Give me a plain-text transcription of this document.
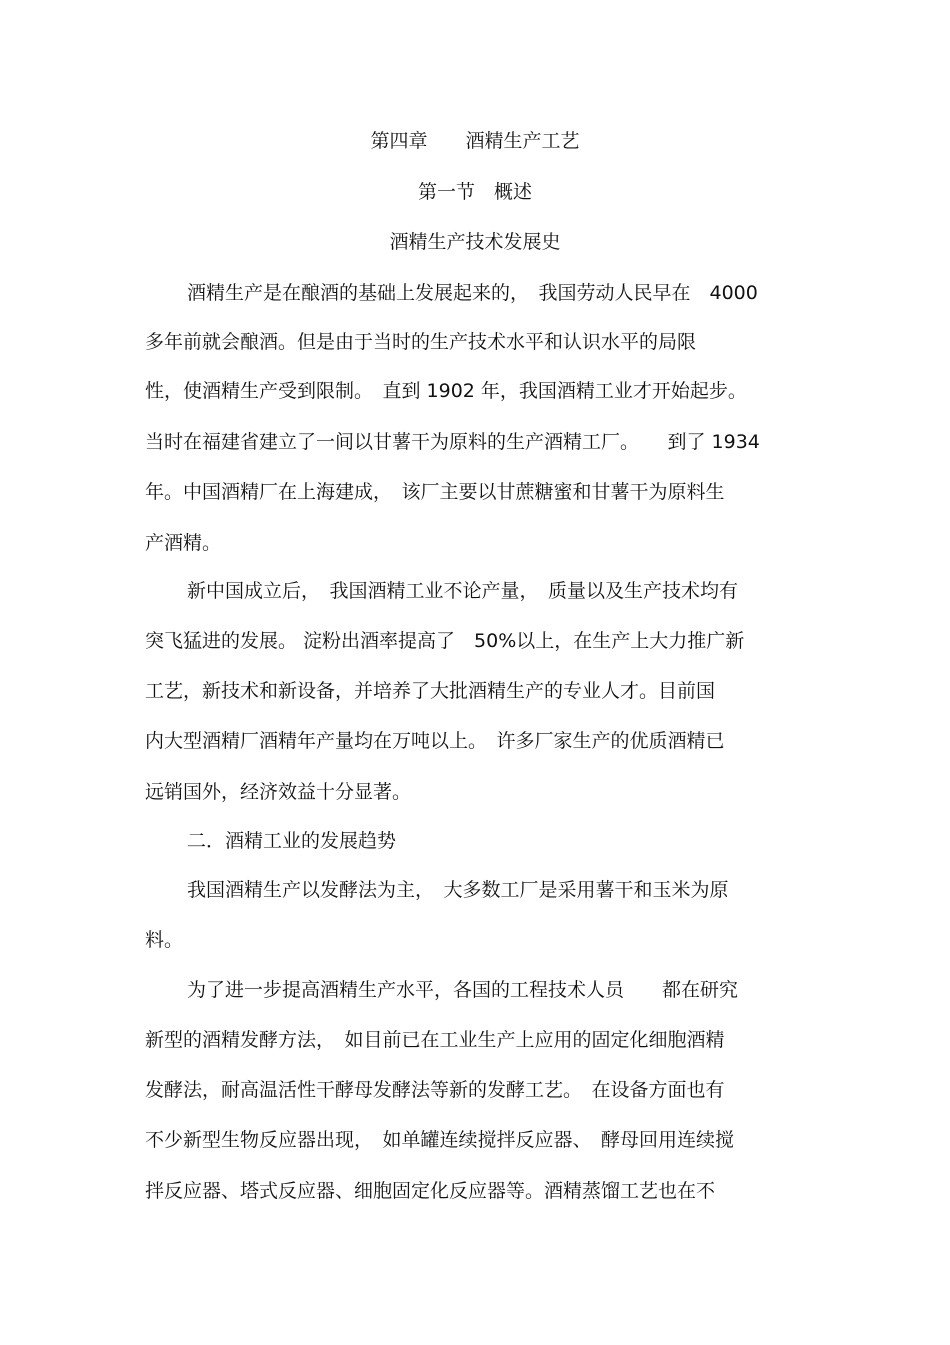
第四章　　酒精生产工艺
第一节　概述
酒精生产技术发展史
酒精生产是在酿酒的基础上发展起来的，　我国劳动人民早在　4000
多年前就会酿酒。但是由于当时的生产技术水平和认识水平的局限
性，使酒精生产受到限制。　直到 1902 年，我国酒精工业才开始起步。
当时在福建省建立了一间以甘薯干为原料的生产酒精工厂。　　到了 1934
年。中国酒精厂在上海建成，　该厂主要以甘蔗糖蜜和甘薯干为原料生
产酒精。
新中国成立后，　我国酒精工业不论产量，　质量以及生产技术均有
突飞猛进的发展。 淀粉出酒率提高了　50%以上，在生产上大力推广新
工艺，新技术和新设备，并培养了大批酒精生产的专业人才。目前国
内大型酒精厂酒精年产量均在万吨以上。　许多厂家生产的优质酒精已
远销国外，经济效益十分显著。
二．酒精工业的发展趋势
我国酒精生产以发酵法为主，　大多数工厂是采用薯干和玉米为原
料。
为了进一步提高酒精生产水平，各国的工程技术人员　　都在研究
新型的酒精发酵方法，　如目前已在工业生产上应用的固定化细胞酒精
发酵法，耐高温活性干酵母发酵法等新的发酵工艺。　在设备方面也有
不少新型生物反应器出现，　如单罐连续搅拌反应器、　酵母回用连续搅
拌反应器、塔式反应器、细胞固定化反应器等。酒精蒸馏工艺也在不
